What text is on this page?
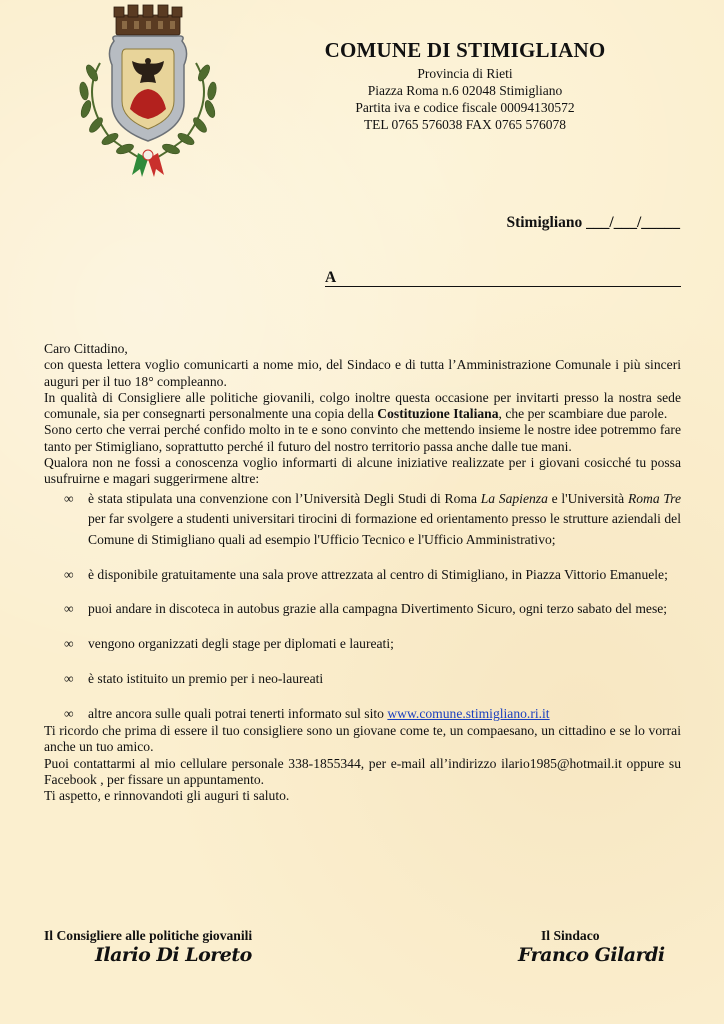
COMUNE DI STIMIGLIANO
Provincia di Rieti
Piazza Roma n.6 02048 Stimigliano
Partita iva e codice fiscale 00094130572
TEL 0765 576038 FAX 0765 576078
Stimigliano ___/___/_____
A

Caro Cittadino,

con questa lettera voglio comunicarti a nome mio, del Sindaco e di tutta l’Amministrazione Comunale i più sinceri auguri per il tuo 18° compleanno.

In qualità di Consigliere alle politiche giovanili, colgo inoltre questa occasione per invitarti presso la nostra sede comunale, sia per consegnarti personalmente una copia della Costituzione Italiana, che per scambiare due parole.

Sono certo che verrai perché confido molto in te e sono convinto che mettendo insieme le nostre idee potremmo fare tanto per Stimigliano, soprattutto perché il futuro del nostro territorio passa anche dalle tue mani.

Qualora non ne fossi a conoscenza voglio informarti di alcune iniziative realizzate per i giovani cosicché tu possa usufruirne e magari suggerirmene altre:

∞ è stata stipulata una convenzione con l’Università Degli Studi di Roma La Sapienza e l'Università Roma Tre per far svolgere a studenti universitari tirocini di formazione ed orientamento presso le strutture aziendali del Comune di Stimigliano quali ad esempio l'Ufficio Tecnico e l'Ufficio Amministrativo;
∞ è disponibile gratuitamente una sala prove attrezzata al centro di Stimigliano, in Piazza Vittorio Emanuele;
∞ puoi andare in discoteca in autobus grazie alla campagna Divertimento Sicuro, ogni terzo sabato del mese;
∞ vengono organizzati degli stage per diplomati e laureati;
∞ è stato istituito un premio per i neo-laureati
∞ altre ancora sulle quali potrai tenerti informato sul sito www.comune.stimigliano.ri.it

Ti ricordo che prima di essere il tuo consigliere sono un giovane come te, un compaesano, un cittadino e se lo vorrai anche un tuo amico.

Puoi contattarmi al mio cellulare personale 338-1855344, per e-mail all’indirizzo ilario1985@hotmail.it oppure su Facebook , per fissare un appuntamento.

Ti aspetto, e rinnovandoti gli auguri ti saluto.

Il Consigliere alle politiche giovanili	Il Sindaco
Ilario Di Loreto	Franco Gilardi
